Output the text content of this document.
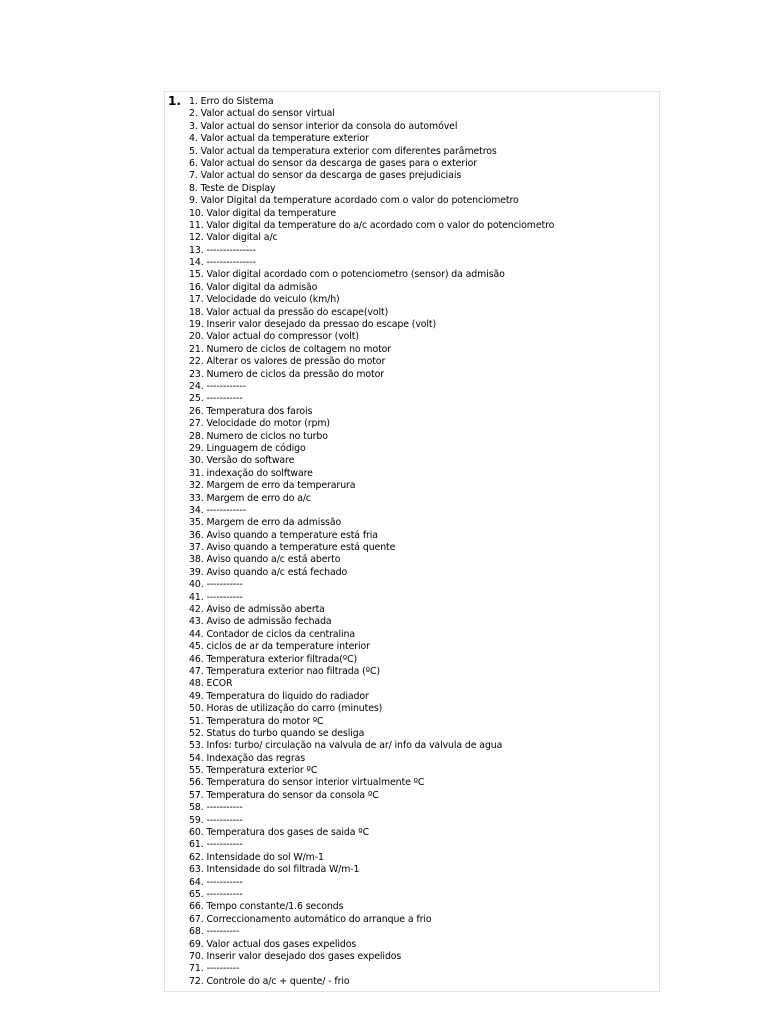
1. 1. Erro do Sistema
2. Valor actual do sensor virtual
3. Valor actual do sensor interior da consola do automóvel
4. Valor actual da temperature exterior
5. Valor actual da temperatura exterior com diferentes parâmetros
6. Valor actual do sensor da descarga de gases para o exterior
7. Valor actual do sensor da descarga de gases prejudiciais
8. Teste de Display
9. Valor Digital da temperature acordado com o valor do potenciometro
10. Valor digital da temperature
11. Valor digital da temperature do a/c acordado com o valor do potenciometro
12. Valor digital a/c
13. ---------------
14. ---------------
15. Valor digital acordado com o potenciometro (sensor) da admisão
16. Valor digital da admisão
17. Velocidade do veiculo (km/h)
18. Valor actual da pressão do escape(volt)
19. Inserir valor desejado da pressao do escape (volt)
20. Valor actual do compressor (volt)
21. Numero de ciclos de coltagem no motor
22. Alterar os valores de pressão do motor
23. Numero de ciclos da pressão do motor
24. ------------
25. -----------
26. Temperatura dos farois
27. Velocidade do motor (rpm)
28. Numero de ciclos no turbo
29. Linguagem de código
30. Versão do software
31. indexação do solftware
32. Margem de erro da temperarura
33. Margem de erro do a/c
34. ------------
35. Margem de erro da admissão
36. Aviso quando a temperature está fria
37. Aviso quando a temperature está quente
38. Aviso quando a/c está aberto
39. Aviso quando a/c está fechado
40. -----------
41. -----------
42. Aviso de admissão aberta
43. Aviso de admissão fechada
44. Contador de ciclos da centralina
45. ciclos de ar da temperature interior
46. Temperatura exterior filtrada(ºC)
47. Temperatura exterior nao filtrada (ºC)
48. ECOR
49. Temperatura do liquido do radiador
50. Horas de utilização do carro (minutes)
51. Temperatura do motor ºC
52. Status do turbo quando se desliga
53. Infos: turbo/ circulação na valvula de ar/ info da valvula de agua
54. Indexação das regras
55. Temperatura exterior ºC
56. Temperatura do sensor interior virtualmente ºC
57. Temperatura do sensor da consola ºC
58. -----------
59. -----------
60. Temperatura dos gases de saida ºC
61. -----------
62. Intensidade do sol W/m-1
63. Intensidade do sol filtrada W/m-1
64. -----------
65. -----------
66. Tempo constante/1.6 seconds
67. Correccionamento automático do arranque a frio
68. ----------
69. Valor actual dos gases expelidos
70. Inserir valor desejado dos gases expelidos
71. ----------
72. Controle do a/c + quente/ - frio
